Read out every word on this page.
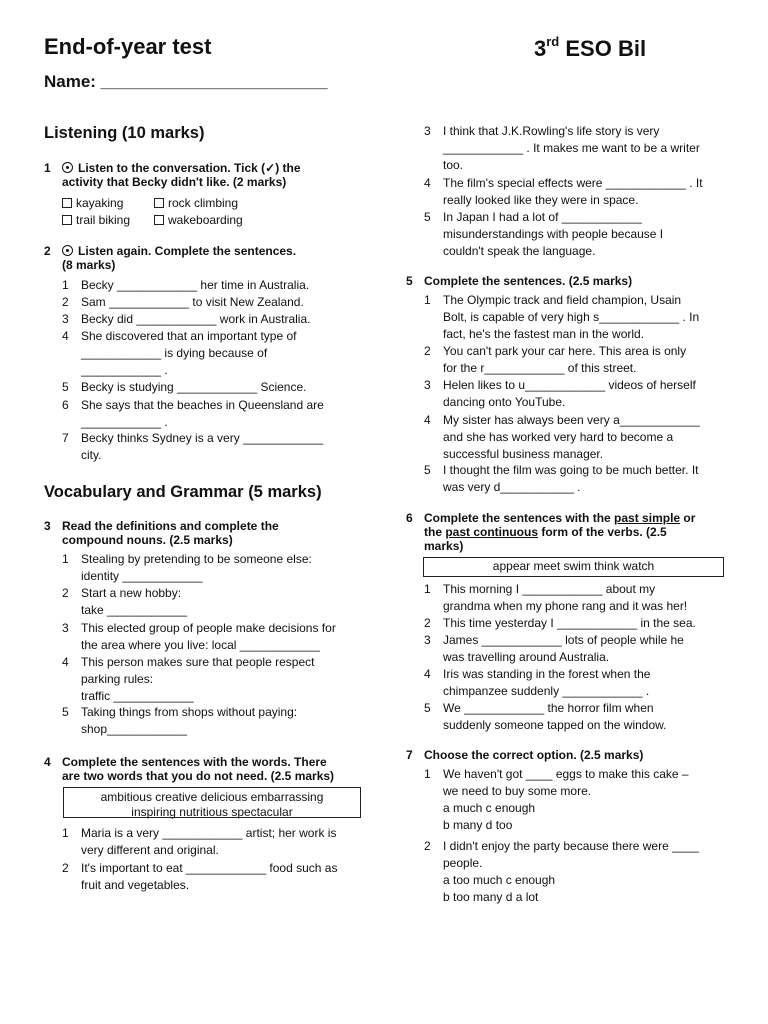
End-of-year test	3rd ESO Bil
Name: ________________________
Listening (10 marks)
1	Listen to the conversation. Tick (✓) the
activity that Becky didn't like. (2 marks)
kayaking	rock climbing
trail biking	wakeboarding
2	Listen again. Complete the sentences.
(8 marks)
1 Becky ____________ her time in Australia.
2 Sam ____________ to visit New Zealand.
3 Becky did ____________ work in Australia.
4 She discovered that an important type of
____________ is dying because of
____________ .
5 Becky is studying ____________ Science.
6 She says that the beaches in Queensland are
____________ .
7 Becky thinks Sydney is a very ____________
city.
Vocabulary and Grammar (5 marks)
3 Read the definitions and complete the
compound nouns. (2.5 marks)
1 Stealing by pretending to be someone else:
identity ____________
2 Start a new hobby:
take ____________
3 This elected group of people make decisions for
the area where you live: local ____________
4 This person makes sure that people respect
parking rules:
traffic ____________
5 Taking things from shops without paying:
shop____________
4 Complete the sentences with the words. There
are two words that you do not need. (2.5 marks)
ambitious creative delicious embarrassing
inspiring nutritious spectacular
1 Maria is a very ____________ artist; her work is
very different and original.
2 It's important to eat ____________ food such as
fruit and vegetables.
3 I think that J.K.Rowling's life story is very
____________ . It makes me want to be a writer
too.
4 The film's special effects were ____________ . It
really looked like they were in space.
5 In Japan I had a lot of ____________
misunderstandings with people because I
couldn't speak the language.
5 Complete the sentences. (2.5 marks)
1 The Olympic track and field champion, Usain
Bolt, is capable of very high s____________ . In
fact, he's the fastest man in the world.
2 You can't park your car here. This area is only
for the r____________ of this street.
3 Helen likes to u____________ videos of herself
dancing onto YouTube.
4 My sister has always been very a____________
and she has worked very hard to become a
successful business manager.
5 I thought the film was going to be much better. It
was very d___________ .
6 Complete the sentences with the past simple or
the past continuous form of the verbs. (2.5
marks)
appear meet swim think watch
1 This morning I ____________ about my
grandma when my phone rang and it was her!
2 This time yesterday I ____________ in the sea.
3 James ____________ lots of people while he
was travelling around Australia.
4 Iris was standing in the forest when the
chimpanzee suddenly ____________ .
5 We ____________ the horror film when
suddenly someone tapped on the window.
7 Choose the correct option. (2.5 marks)
1 We haven't got ____ eggs to make this cake –
we need to buy some more.
a much c enough
b many d too
2 I didn't enjoy the party because there were ____
people.
a too much c enough
b too many d a lot
